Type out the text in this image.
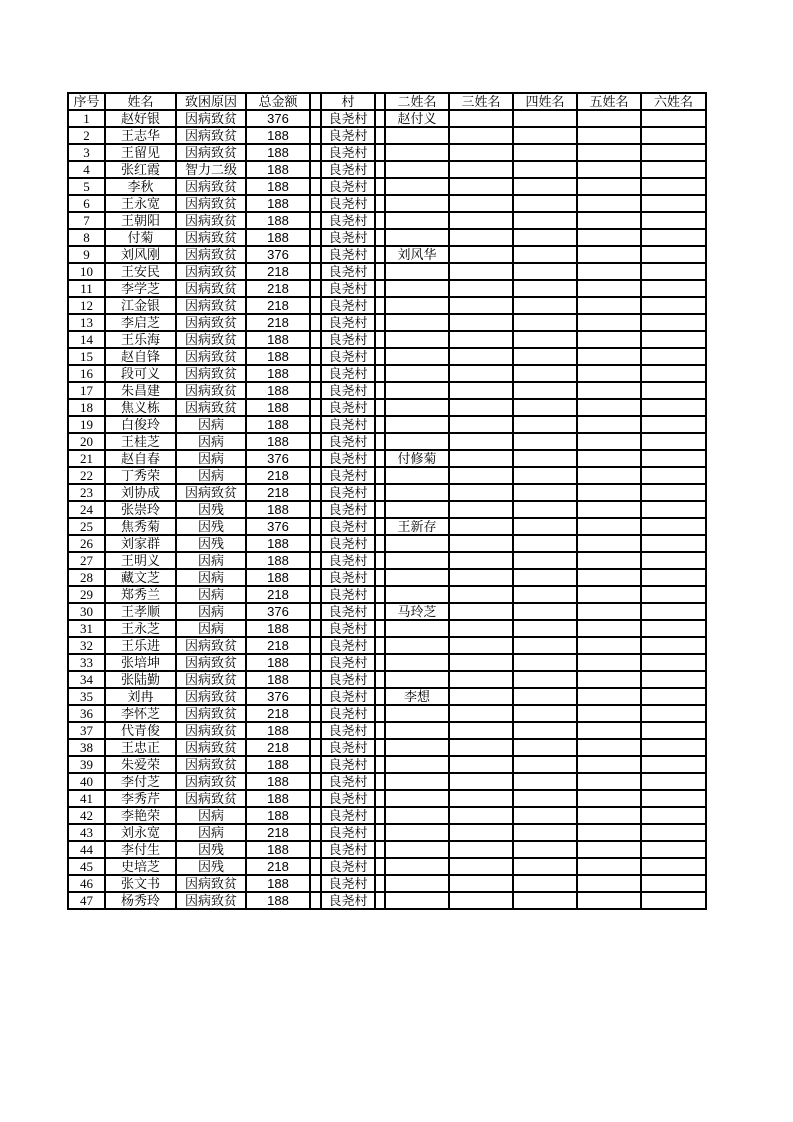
序号	姓名	致困原因	总金额		村		二姓名	三姓名	四姓名	五姓名	六姓名
1	赵好银	因病致贫	376		良尧村		赵付义				
2	王志华	因病致贫	188		良尧村						
3	王留见	因病致贫	188		良尧村						
4	张红霞	智力二级	188		良尧村						
5	李秋	因病致贫	188		良尧村						
6	王永宽	因病致贫	188		良尧村						
7	王朝阳	因病致贫	188		良尧村						
8	付菊	因病致贫	188		良尧村						
9	刘风刚	因病致贫	376		良尧村		刘风华				
10	王安民	因病致贫	218		良尧村						
11	李学芝	因病致贫	218		良尧村						
12	江金银	因病致贫	218		良尧村						
13	李启芝	因病致贫	218		良尧村						
14	王乐海	因病致贫	188		良尧村						
15	赵自锋	因病致贫	188		良尧村						
16	段可义	因病致贫	188		良尧村						
17	朱昌建	因病致贫	188		良尧村						
18	焦义栋	因病致贫	188		良尧村						
19	白俊玲	因病	188		良尧村						
20	王桂芝	因病	188		良尧村						
21	赵自春	因病	376		良尧村		付修菊				
22	丁秀荣	因病	218		良尧村						
23	刘协成	因病致贫	218		良尧村						
24	张崇玲	因残	188		良尧村						
25	焦秀菊	因残	376		良尧村		王新存				
26	刘家群	因残	188		良尧村						
27	王明义	因病	188		良尧村						
28	藏文芝	因病	188		良尧村						
29	郑秀兰	因病	218		良尧村						
30	王孝顺	因病	376		良尧村		马玲芝				
31	王永芝	因病	188		良尧村						
32	王乐进	因病致贫	218		良尧村						
33	张培坤	因病致贫	188		良尧村						
34	张陆勤	因病致贫	188		良尧村						
35	刘冉	因病致贫	376		良尧村		李想				
36	李怀芝	因病致贫	218		良尧村						
37	代青俊	因病致贫	188		良尧村						
38	王忠正	因病致贫	218		良尧村						
39	朱爱荣	因病致贫	188		良尧村						
40	李付芝	因病致贫	188		良尧村						
41	李秀芹	因病致贫	188		良尧村						
42	李艳荣	因病	188		良尧村						
43	刘永宽	因病	218		良尧村						
44	李付生	因残	188		良尧村						
45	史培芝	因残	218		良尧村						
46	张文书	因病致贫	188		良尧村						
47	杨秀玲	因病致贫	188		良尧村						
